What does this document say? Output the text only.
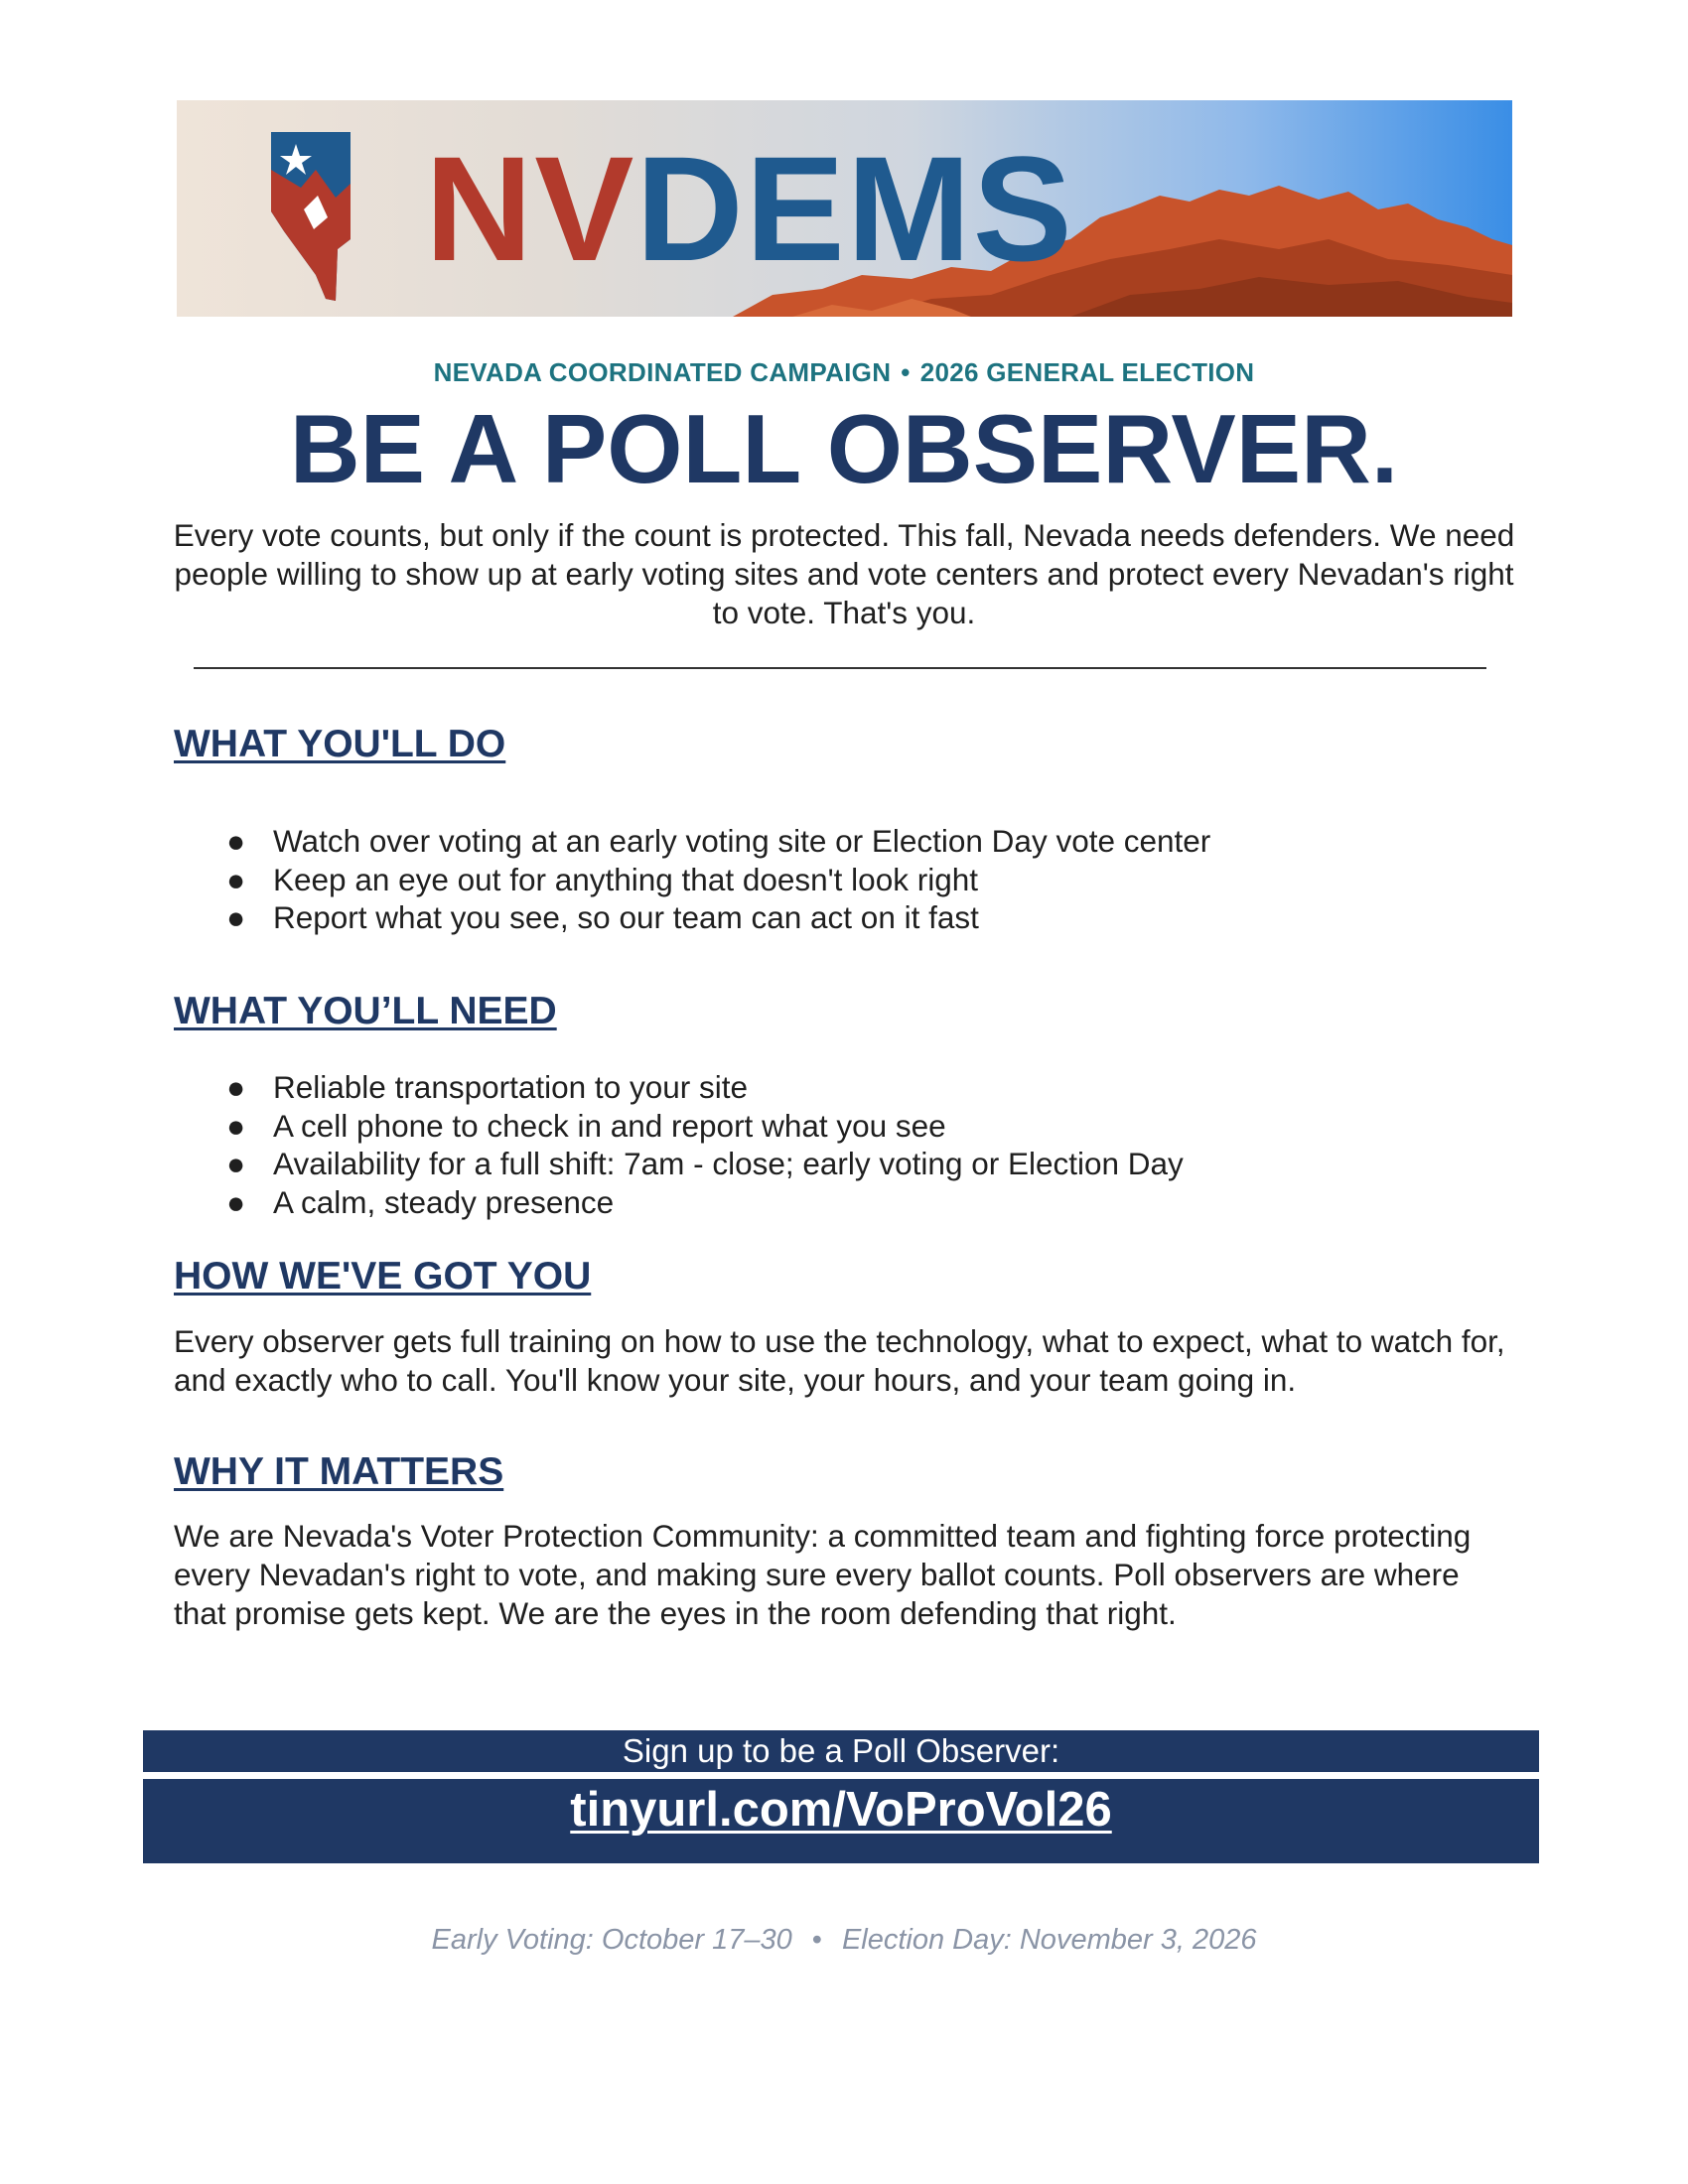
NVDEMS
NEVADA COORDINATED CAMPAIGN • 2026 GENERAL ELECTION
BE A POLL OBSERVER.
Every vote counts, but only if the count is protected. This fall, Nevada needs defenders. We need people willing to show up at early voting sites and vote centers and protect every Nevadan's right to vote. That's you.
WHAT YOU'LL DO
● Watch over voting at an early voting site or Election Day vote center
● Keep an eye out for anything that doesn't look right
● Report what you see, so our team can act on it fast
WHAT YOU’LL NEED
● Reliable transportation to your site
● A cell phone to check in and report what you see
● Availability for a full shift: 7am - close; early voting or Election Day
● A calm, steady presence
HOW WE'VE GOT YOU
Every observer gets full training on how to use the technology, what to expect, what to watch for, and exactly who to call. You'll know your site, your hours, and your team going in.
WHY IT MATTERS
We are Nevada's Voter Protection Community: a committed team and fighting force protecting every Nevadan's right to vote, and making sure every ballot counts. Poll observers are where that promise gets kept. We are the eyes in the room defending that right.
Sign up to be a Poll Observer:
tinyurl.com/VoProVol26
Early Voting: October 17–30 • Election Day: November 3, 2026
